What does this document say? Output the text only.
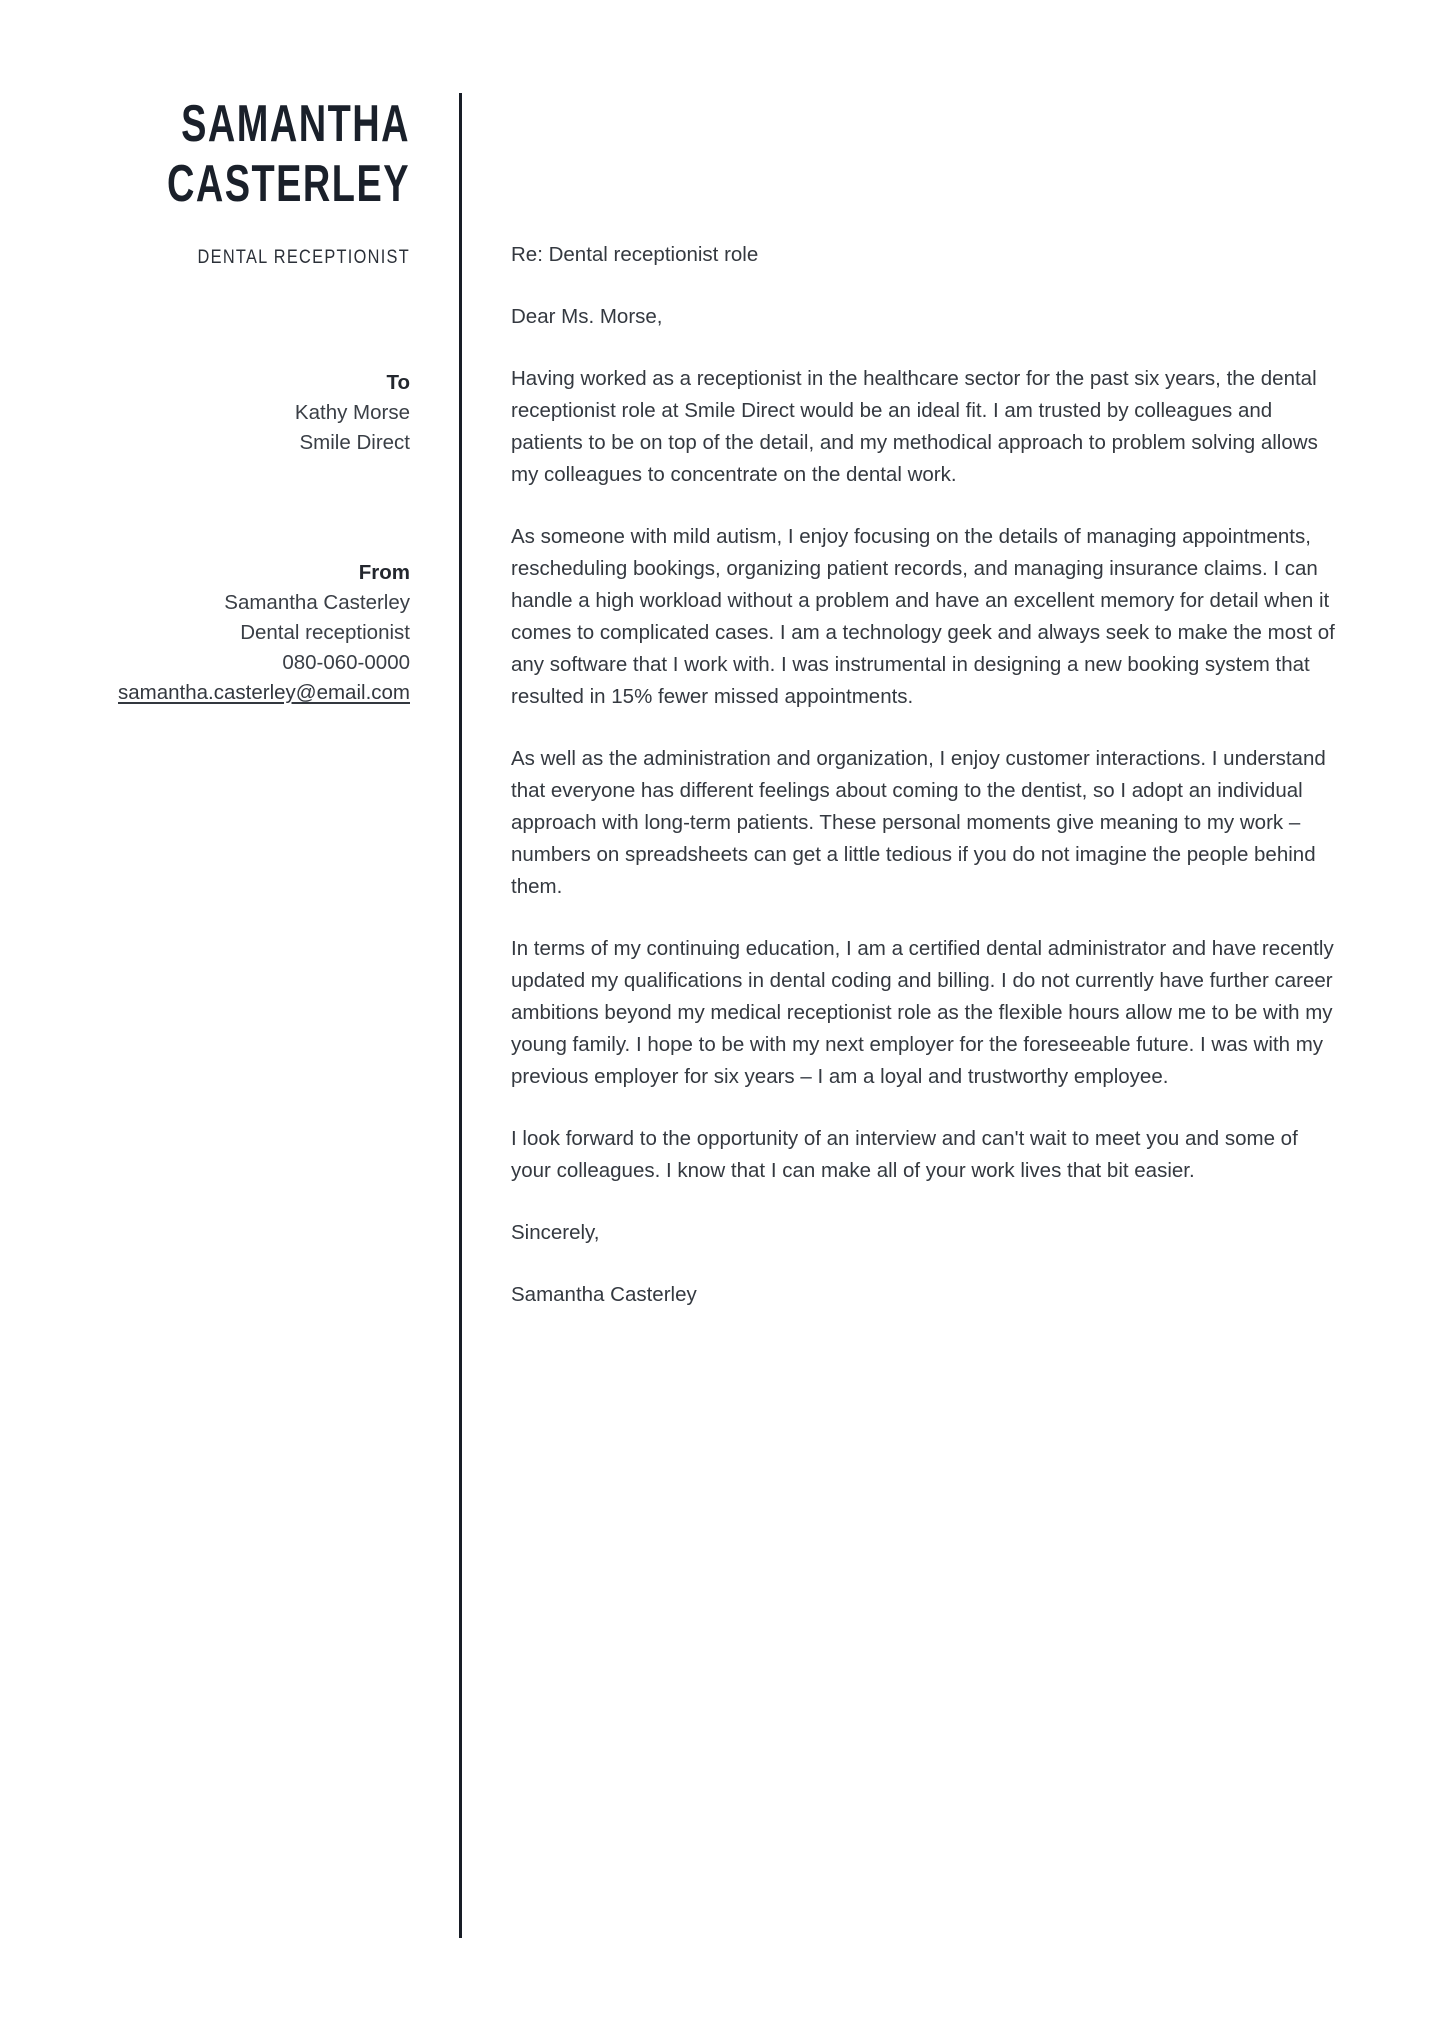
SAMANTHA
CASTERLEY
DENTAL RECEPTIONIST
To
Kathy Morse
Smile Direct
From
Samantha Casterley
Dental receptionist
080-060-0000
samantha.casterley@email.com

Re: Dental receptionist role

Dear Ms. Morse,

Having worked as a receptionist in the healthcare sector for the past six years, the dental receptionist role at Smile Direct would be an ideal fit. I am trusted by colleagues and patients to be on top of the detail, and my methodical approach to problem solving allows my colleagues to concentrate on the dental work.

As someone with mild autism, I enjoy focusing on the details of managing appointments, rescheduling bookings, organizing patient records, and managing insurance claims. I can handle a high workload without a problem and have an excellent memory for detail when it comes to complicated cases. I am a technology geek and always seek to make the most of any software that I work with. I was instrumental in designing a new booking system that resulted in 15% fewer missed appointments.

As well as the administration and organization, I enjoy customer interactions. I understand that everyone has different feelings about coming to the dentist, so I adopt an individual approach with long-term patients. These personal moments give meaning to my work – numbers on spreadsheets can get a little tedious if you do not imagine the people behind them.

In terms of my continuing education, I am a certified dental administrator and have recently updated my qualifications in dental coding and billing. I do not currently have further career ambitions beyond my medical receptionist role as the flexible hours allow me to be with my young family. I hope to be with my next employer for the foreseeable future. I was with my previous employer for six years – I am a loyal and trustworthy employee.

I look forward to the opportunity of an interview and can't wait to meet you and some of your colleagues. I know that I can make all of your work lives that bit easier.

Sincerely,

Samantha Casterley
